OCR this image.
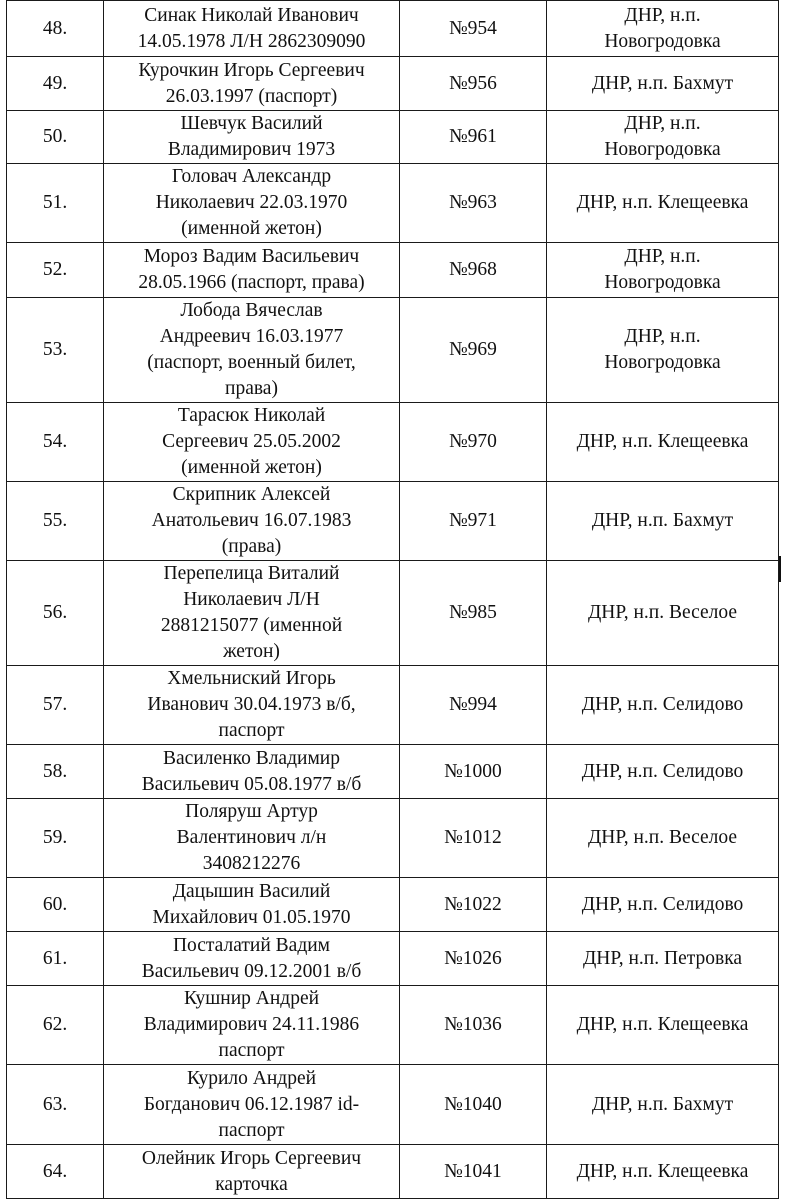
48.	Синак Николай Иванович
14.05.1978 Л/Н 2862309090	№954	ДНР, н.п.
Новогродовка

49.	Курочкин Игорь Сергеевич
26.03.1997 (паспорт)	№956	ДНР, н.п. Бахмут

50.	Шевчук Василий
Владимирович 1973	№961	ДНР, н.п.
Новогродовка

51.	Головач Александр
Николаевич 22.03.1970
(именной жетон)	№963	ДНР, н.п. Клещеевка

52.	Мороз Вадим Васильевич
28.05.1966 (паспорт, права)	№968	ДНР, н.п.
Новогродовка

53.	Лобода Вячеслав
Андреевич 16.03.1977
(паспорт, военный билет,
права)	№969	ДНР, н.п.
Новогродовка

54.	Тарасюк Николай
Сергеевич 25.05.2002
(именной жетон)	№970	ДНР, н.п. Клещеевка

55.	Скрипник Алексей
Анатольевич 16.07.1983
(права)	№971	ДНР, н.п. Бахмут

56.	Перепелица Виталий
Николаевич Л/Н
2881215077 (именной
жетон)	№985	ДНР, н.п. Веселое

57.	Хмельниский Игорь
Иванович 30.04.1973 в/б,
паспорт	№994	ДНР, н.п. Селидово

58.	Василенко Владимир
Васильевич 05.08.1977 в/б	№1000	ДНР, н.п. Селидово

59.	Поляруш Артур
Валентинович л/н
3408212276	№1012	ДНР, н.п. Веселое

60.	Дацышин Василий
Михайлович 01.05.1970	№1022	ДНР, н.п. Селидово

61.	Посталатий Вадим
Васильевич 09.12.2001 в/б	№1026	ДНР, н.п. Петровка

62.	Кушнир Андрей
Владимирович 24.11.1986
паспорт	№1036	ДНР, н.п. Клещеевка

63.	Курило Андрей
Богданович 06.12.1987 id-
паспорт	№1040	ДНР, н.п. Бахмут

64.	Олейник Игорь Сергеевич
карточка	№1041	ДНР, н.п. Клещеевка
